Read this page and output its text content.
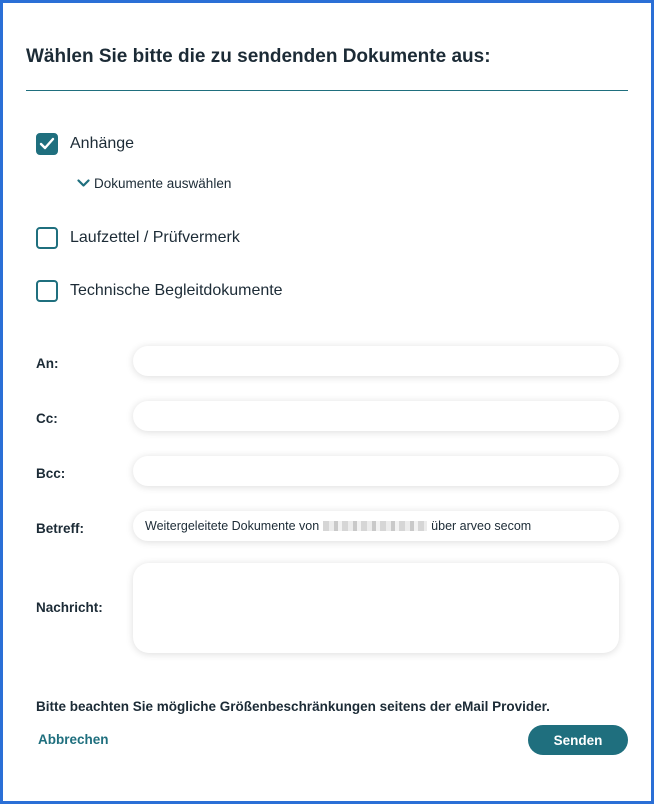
Wählen Sie bitte die zu sendenden Dokumente aus:
Anhänge
Dokumente auswählen
Laufzettel / Prüfvermerk
Technische Begleitdokumente
An:
Cc:
Bcc:
Betreff:	Weitergeleitete Dokumente von	über arveo secom
Nachricht:
Bitte beachten Sie mögliche Größenbeschränkungen seitens der eMail Provider.
Abbrechen	Senden
